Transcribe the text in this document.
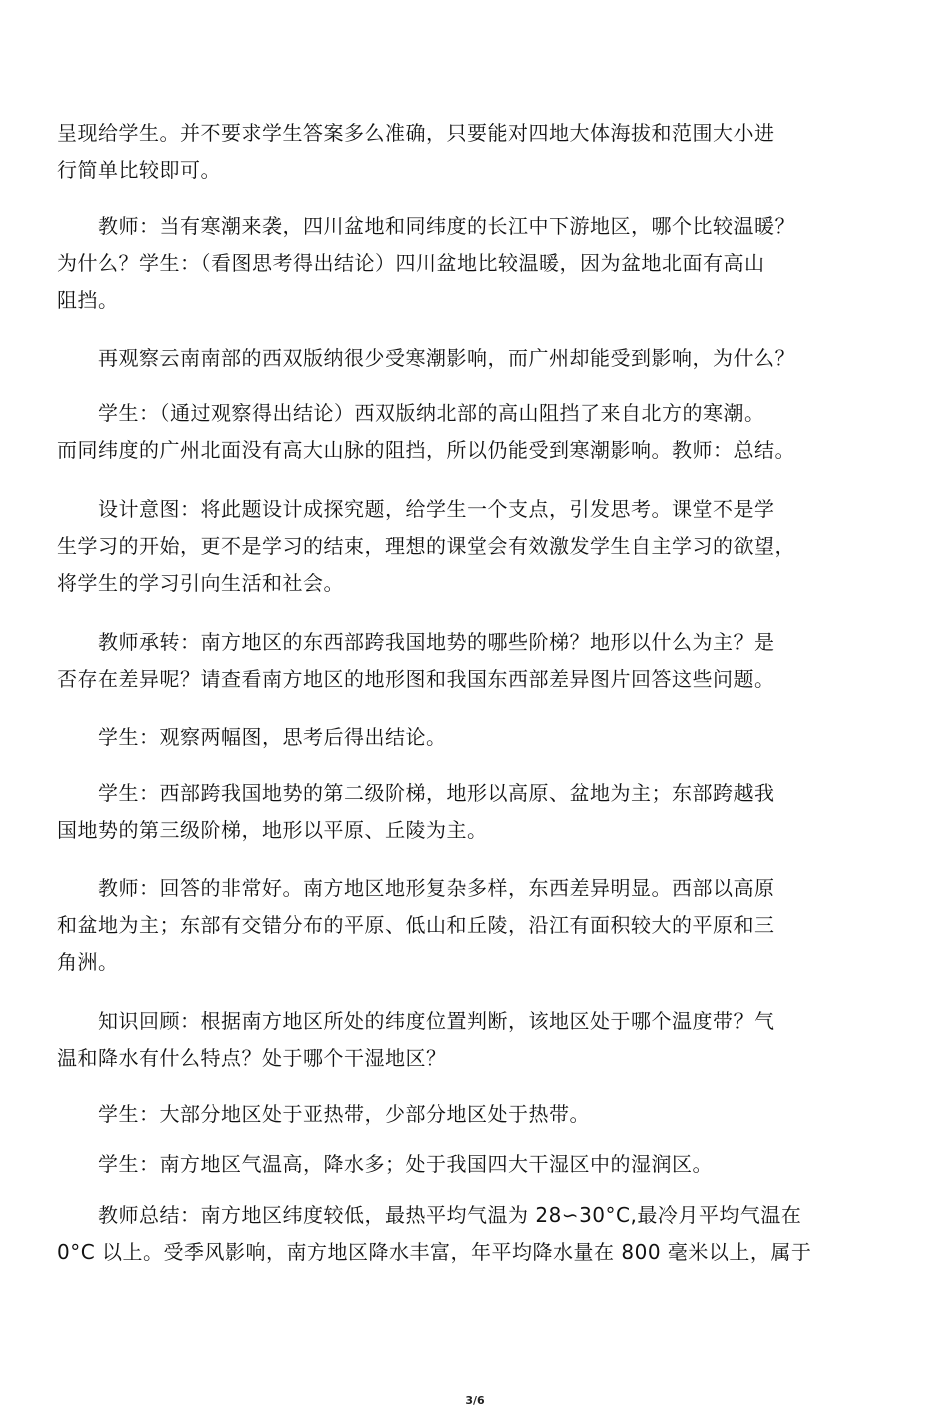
呈现给学生。并不要求学生答案多么准确，只要能对四地大体海拔和范围大小进
行简单比较即可。

　　教师：当有寒潮来袭，四川盆地和同纬度的长江中下游地区，哪个比较温暖？
为什么？学生：（看图思考得出结论）四川盆地比较温暖，因为盆地北面有高山
阻挡。

　　再观察云南南部的西双版纳很少受寒潮影响，而广州却能受到影响，为什么？

　　学生：（通过观察得出结论）西双版纳北部的高山阻挡了来自北方的寒潮。
而同纬度的广州北面没有高大山脉的阻挡，所以仍能受到寒潮影响。教师：总结。

　　设计意图：将此题设计成探究题，给学生一个支点，引发思考。课堂不是学
生学习的开始，更不是学习的结束，理想的课堂会有效激发学生自主学习的欲望，
将学生的学习引向生活和社会。

　　教师承转：南方地区的东西部跨我国地势的哪些阶梯？地形以什么为主？是
否存在差异呢？请查看南方地区的地形图和我国东西部差异图片回答这些问题。

　　学生：观察两幅图，思考后得出结论。

　　学生：西部跨我国地势的第二级阶梯，地形以高原、盆地为主；东部跨越我
国地势的第三级阶梯，地形以平原、丘陵为主。

　　教师：回答的非常好。南方地区地形复杂多样，东西差异明显。西部以高原
和盆地为主；东部有交错分布的平原、低山和丘陵，沿江有面积较大的平原和三
角洲。

　　知识回顾：根据南方地区所处的纬度位置判断，该地区处于哪个温度带？气
温和降水有什么特点？处于哪个干湿地区？

　　学生：大部分地区处于亚热带，少部分地区处于热带。

　　学生：南方地区气温高，降水多；处于我国四大干湿区中的湿润区。

　　教师总结：南方地区纬度较低，最热平均气温为 28∽30°C,最冷月平均气温在
0°C 以上。受季风影响，南方地区降水丰富，年平均降水量在 800 毫米以上，属于

3/6
